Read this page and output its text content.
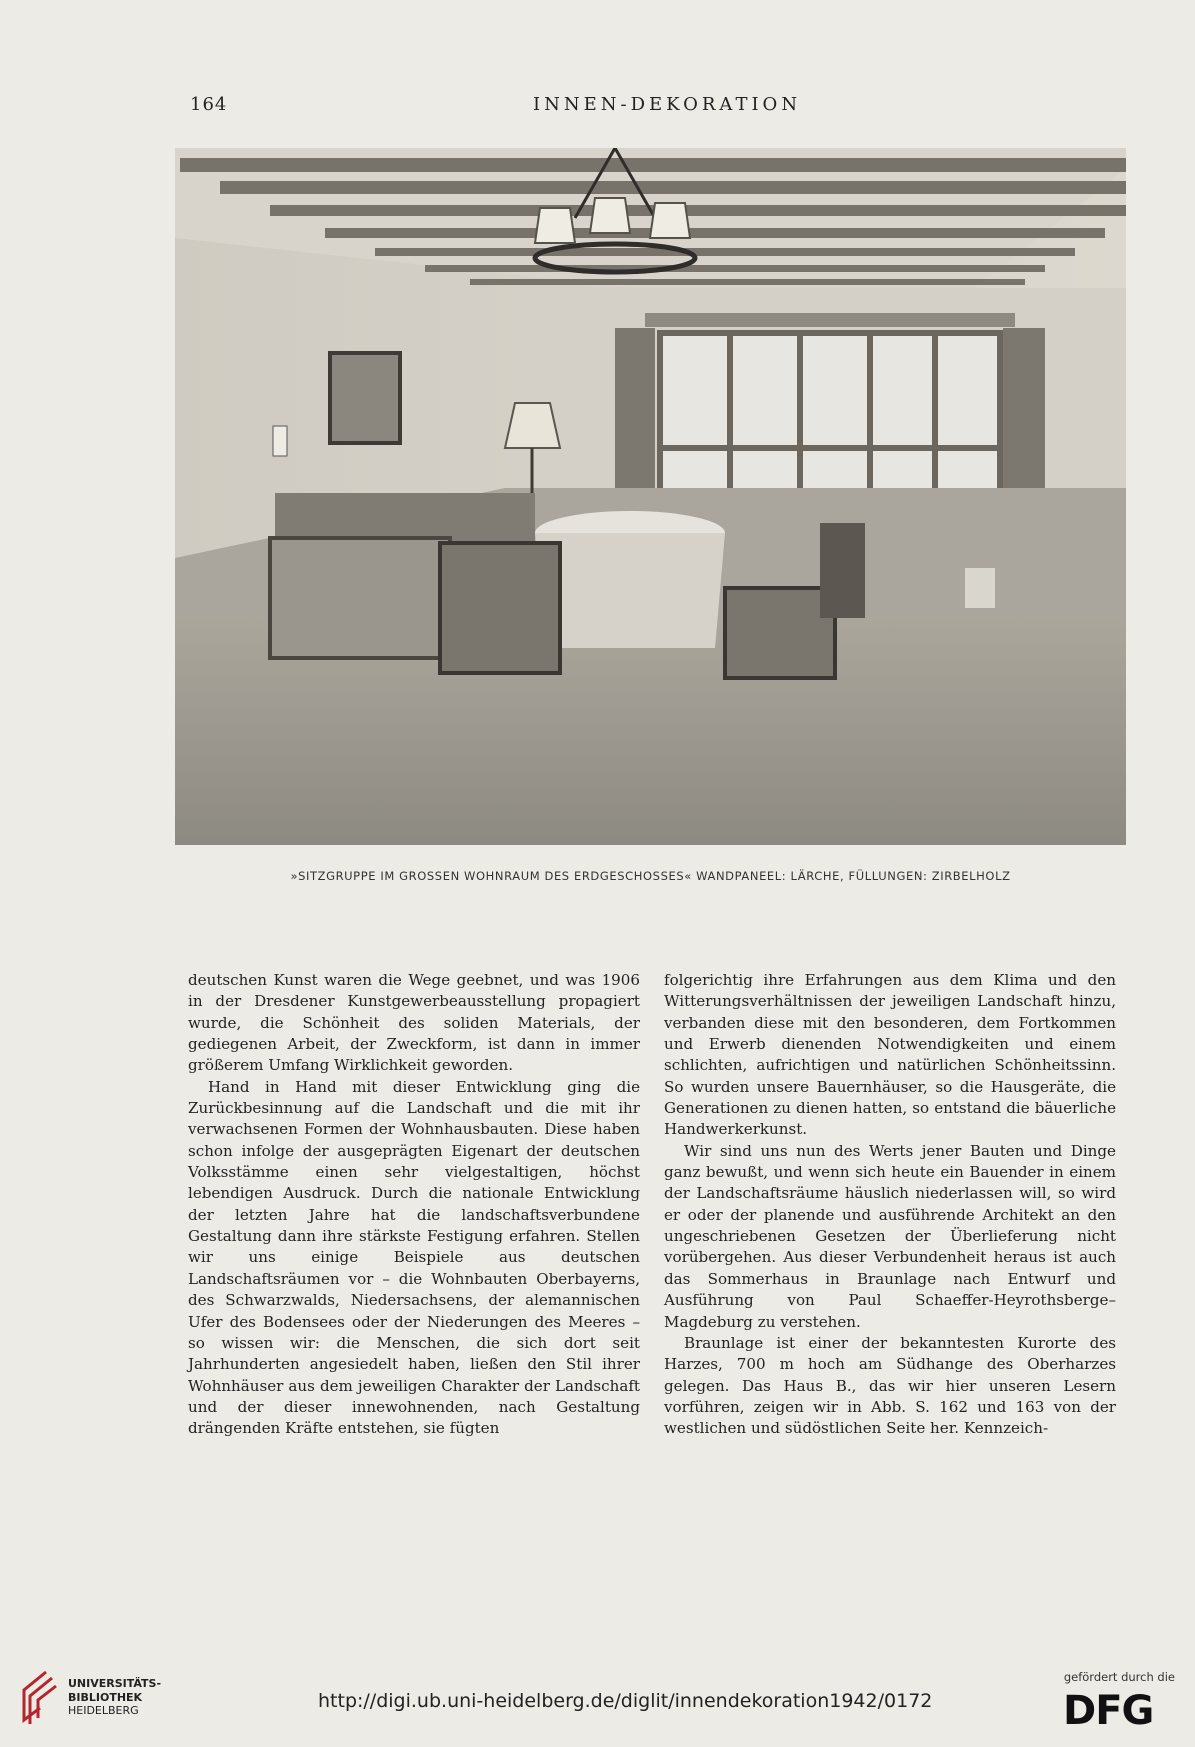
164	INNEN-DEKORATION
»SITZGRUPPE IM GROSSEN WOHNRAUM DES ERDGESCHOSSES« WANDPANEEL: LÄRCHE, FÜLLUNGEN: ZIRBELHOLZ

deutschen Kunst waren die Wege geebnet, und was 1906 in der Dresdener Kunstgewerbeausstellung propagiert wurde, die Schönheit des soliden Materials, der gediegenen Arbeit, der Zweckform, ist dann in immer größerem Umfang Wirklichkeit geworden.

Hand in Hand mit dieser Entwicklung ging die Zurückbesinnung auf die Landschaft und die mit ihr verwachsenen Formen der Wohnhausbauten. Diese haben schon infolge der ausgeprägten Eigenart der deutschen Volksstämme einen sehr vielgestaltigen, höchst lebendigen Ausdruck. Durch die nationale Entwicklung der letzten Jahre hat die landschaftsverbundene Gestaltung dann ihre stärkste Festigung erfahren. Stellen wir uns einige Beispiele aus deutschen Landschaftsräumen vor – die Wohnbauten Oberbayerns, des Schwarzwalds, Niedersachsens, der alemannischen Ufer des Bodensees oder der Niederungen des Meeres – so wissen wir: die Menschen, die sich dort seit Jahrhunderten angesiedelt haben, ließen den Stil ihrer Wohnhäuser aus dem jeweiligen Charakter der Landschaft und der dieser innewohnenden, nach Gestaltung drängenden Kräfte entstehen, sie fügten

folgerichtig ihre Erfahrungen aus dem Klima und den Witterungsverhältnissen der jeweiligen Landschaft hinzu, verbanden diese mit den besonderen, dem Fortkommen und Erwerb dienenden Notwendigkeiten und einem schlichten, aufrichtigen und natürlichen Schönheitssinn. So wurden unsere Bauernhäuser, so die Hausgeräte, die Generationen zu dienen hatten, so entstand die bäuerliche Handwerkerkunst.

Wir sind uns nun des Werts jener Bauten und Dinge ganz bewußt, und wenn sich heute ein Bauender in einem der Landschaftsräume häuslich niederlassen will, so wird er oder der planende und ausführende Architekt an den ungeschriebenen Gesetzen der Überlieferung nicht vorübergehen. Aus dieser Verbundenheit heraus ist auch das Sommerhaus in Braunlage nach Entwurf und Ausführung von Paul Schaeffer-Heyrothsberge–Magdeburg zu verstehen.

Braunlage ist einer der bekanntesten Kurorte des Harzes, 700 m hoch am Südhange des Oberharzes gelegen. Das Haus B., das wir hier unseren Lesern vorführen, zeigen wir in Abb. S. 162 und 163 von der westlichen und südöstlichen Seite her. Kennzeich-

UNIVERSITÄTS-
BIBLIOTHEK
HEIDELBERG	http://digi.ub.uni-heidelberg.de/diglit/innendekoration1942/0172
gefördert durch die
DFG
